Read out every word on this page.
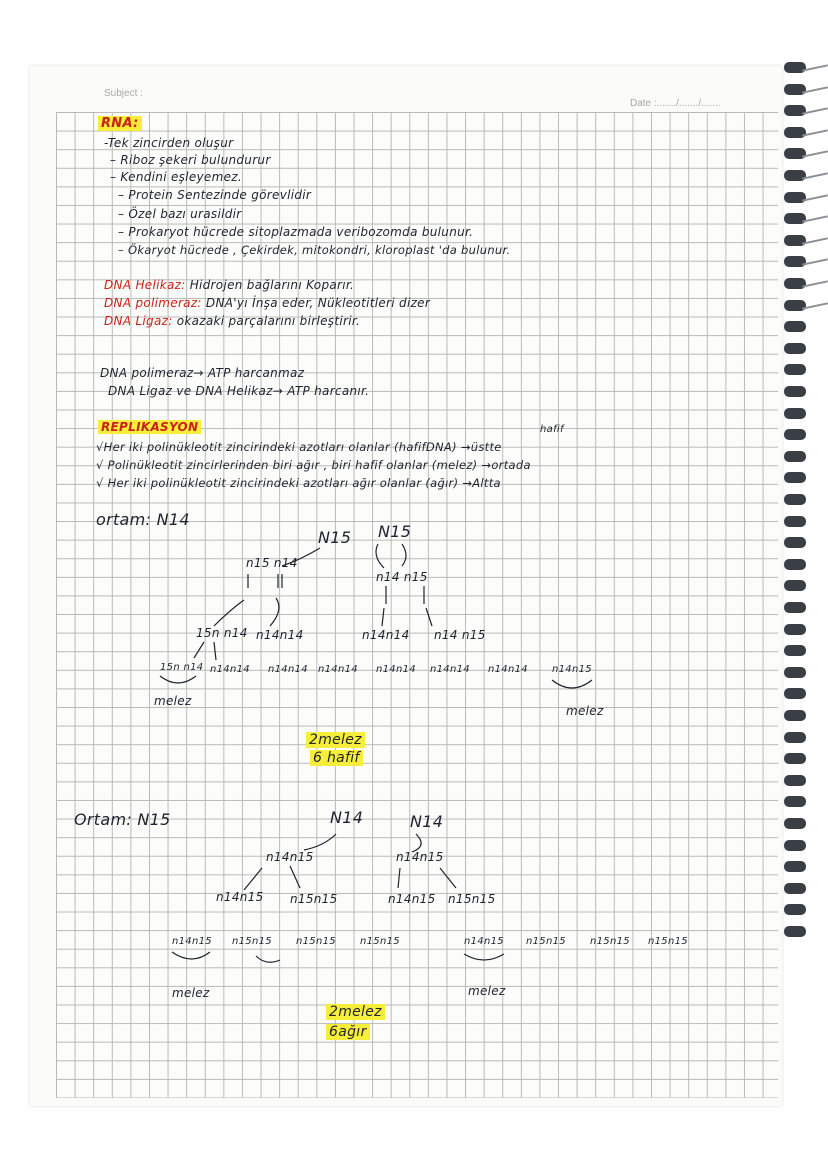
Subject :
Date :......./......./.......
RNA:
-Tek zincirden oluşur
– Riboz şekeri bulundurur
– Kendini eşleyemez.
– Protein Sentezinde görevlidir
– Özel bazı urasildir
– Prokaryot hücrede sitoplazmada veribozomda bulunur.
– Ökaryot hücrede , Çekirdek, mitokondri, kloroplast 'da bulunur.
DNA Helikaz: Hidrojen bağlarını Koparır.
DNA polimeraz: DNA'yı İnşa eder, Nükleotitleri dizer
DNA Ligaz: okazaki parçalarını birleştirir.
DNA polimeraz→ ATP harcanmaz
DNA Ligaz ve DNA Helikaz→ ATP harcanır.
hafif
REPLIKASYON
√Her iki polinükleotit zincirindeki azotları olanlar (hafifDNA) →üstte
√ Polinükleotit zincirlerinden biri ağır , biri hafif olanlar (melez) →ortada
√ Her iki polinükleotit zincirindeki azotları ağır olanlar (ağır) →Altta
ortam: N14
N15 N15
n15 n14
n14 n15
15n n14 n14n14	n14n14 n14 n15
15n n14 n14n14 n14n14 n14n14 n14n14 n14n14 n14n14 n14n15
melez
melez
2melez
6 hafif
Ortam: N15	N14	N14
n14n15	n14n15
n14n15 n15n15	n14n15 n15n15
n14n15 n15n15 n15n15 n15n15	n14n15 n15n15 n15n15 n15n15
melez	melez
2melez
6ağır
